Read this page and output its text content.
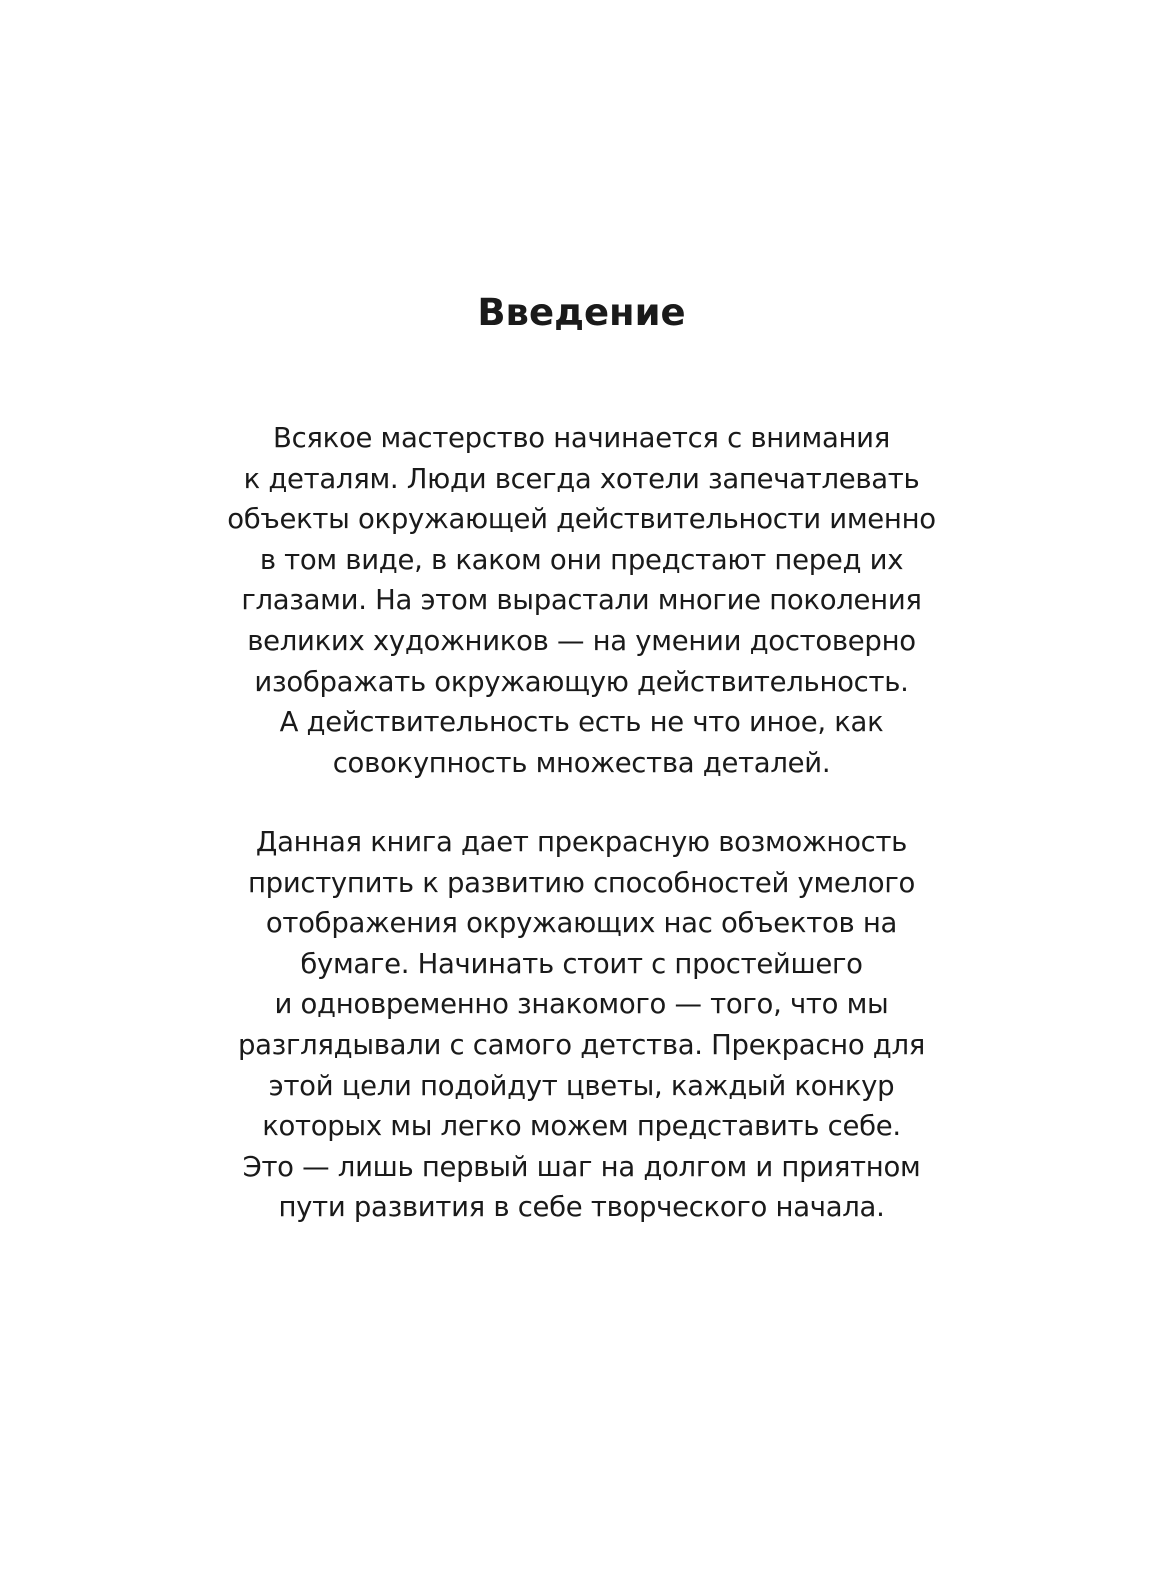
Введение

Всякое мастерство начинается с внимания
к деталям. Люди всегда хотели запечатлевать
объекты окружающей действительности именно
в том виде, в каком они предстают перед их
глазами. На этом вырастали многие поколения
великих художников — на умении достоверно
изображать окружающую действительность.
А действительность есть не что иное, как
совокупность множества деталей.

Данная книга дает прекрасную возможность
приступить к развитию способностей умелого
отображения окружающих нас объектов на
бумаге. Начинать стоит с простейшего
и одновременно знакомого — того, что мы
разглядывали с самого детства. Прекрасно для
этой цели подойдут цветы, каждый конкур
которых мы легко можем представить себе.
Это — лишь первый шаг на долгом и приятном
пути развития в себе творческого начала.
